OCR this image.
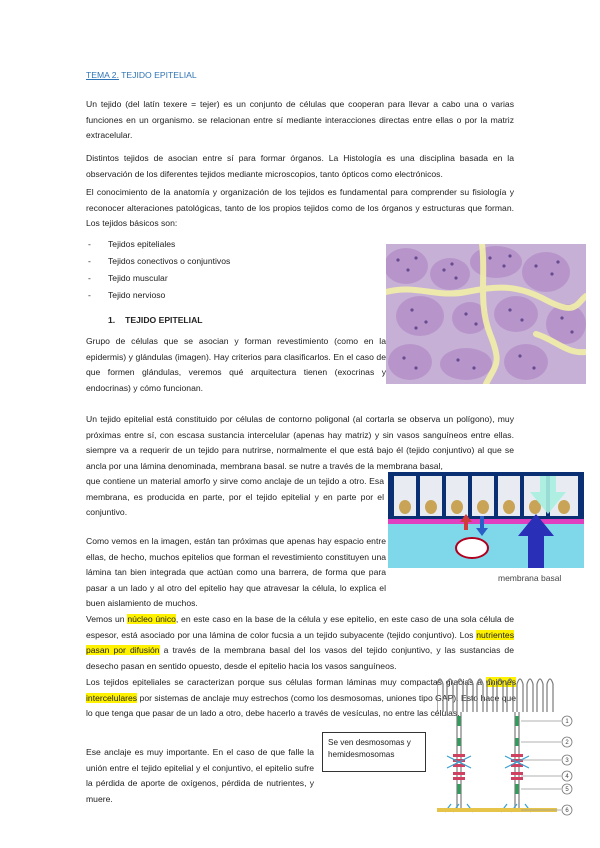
TEMA 2. TEJIDO EPITELIAL

Un tejido (del latín texere = tejer) es un conjunto de células que cooperan para llevar a cabo una o varias funciones en un organismo. se relacionan entre sí mediante interacciones directas entre ellas o por la matriz extracelular.

Distintos tejidos de asocian entre sí para formar órganos. La Histología es una disciplina basada en la observación de los diferentes tejidos mediante microscopios, tanto ópticos como electrónicos.

El conocimiento de la anatomía y organización de los tejidos es fundamental para comprender su fisiología y reconocer alteraciones patológicas, tanto de los propios tejidos como de los órganos y estructuras que forman. Los tejidos básicos son:

- Tejidos epiteliales
- Tejidos conectivos o conjuntivos
- Tejido muscular
- Tejido nervioso
1. TEJIDO EPITELIAL

Grupo de células que se asocian y forman revestimiento (como en la epidermis) y glándulas (imagen). Hay criterios para clasificarlos. En el caso de que formen glándulas, veremos qué arquitectura tienen (exocrinas y endocrinas) y cómo funcionan.

Un tejido epitelial está constituido por células de contorno poligonal (al cortarla se observa un polígono), muy próximas entre sí, con escasa sustancia intercelular (apenas hay matriz) y sin vasos sanguíneos entre ellas. siempre va a requerir de un tejido para nutrirse, normalmente el que está bajo él (tejido conjuntivo) al que se ancla por una lámina denominada, membrana basal. se nutre a través de la membrana basal,

que contiene un material amorfo y sirve como anclaje de un tejido a otro. Esa membrana, es producida en parte, por el tejido epitelial y en parte por el conjuntivo.

membrana basal

Como vemos en la imagen, están tan próximas que apenas hay espacio entre ellas, de hecho, muchos epitelios que forman el revestimiento constituyen una lámina tan bien integrada que actúan como una barrera, de forma que para pasar a un lado y al otro del epitelio hay que atravesar la célula, lo explica el buen aislamiento de muchos.

Vemos un núcleo único, en este caso en la base de la célula y ese epitelio, en este caso de una sola célula de espesor, está asociado por una lámina de color fucsia a un tejido subyacente (tejido conjuntivo). Los nutrientes pasan por difusión a través de la membrana basal del los vasos del tejido conjuntivo, y las sustancias de desecho pasan en sentido opuesto, desde el epitelio hacia los vasos sanguíneos.

Los tejidos epiteliales se caracterizan porque sus células forman láminas muy compactas gracias a uniones intercelulares por sistemas de anclaje muy estrechos (como los desmosomas, uniones tipo GAP). Esto hace que lo que tenga que pasar de un lado a otro, debe hacerlo a través de vesículas, no entre las células.

Ese anclaje es muy importante. En el caso de que falle la unión entre el tejido epitelial y el conjuntivo, el epitelio sufre la pérdida de aporte de oxígenos, pérdida de nutrientes, y muere.

Se ven desmosomas y hemidesmosomas
1
2
3
4
5
6
